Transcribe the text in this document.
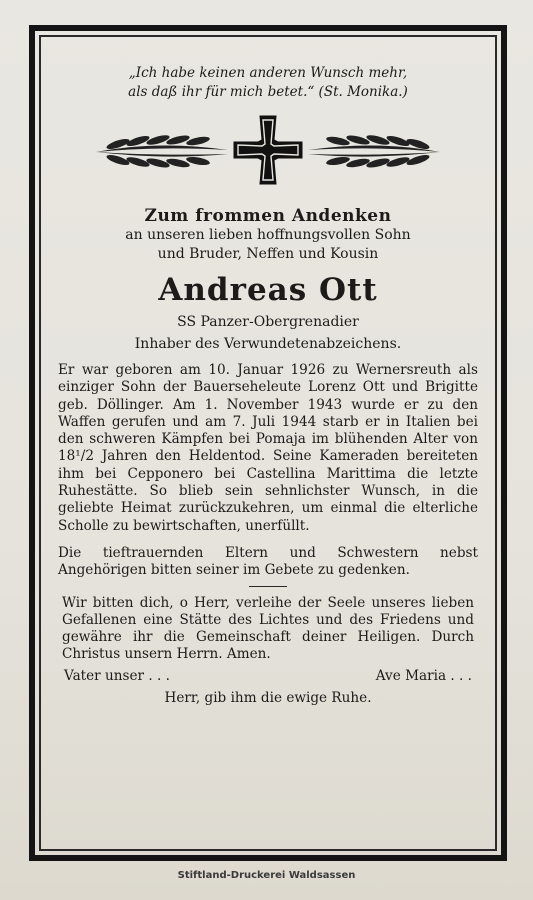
„Ich habe keinen anderen Wunsch mehr,
als daß ihr für mich betet.“ (St. Monika.)
Zum frommen Andenken
an unseren lieben hoffnungsvollen Sohn
und Bruder, Neffen und Kousin
Andreas Ott
SS Panzer-Obergrenadier
Inhaber des Verwundetenabzeichens.
Er war geboren am 10. Januar 1926 zu Wernersreuth als einziger Sohn der Bauerseheleute Lorenz Ott und Brigitte geb. Döllinger. Am 1. November 1943 wurde er zu den Waffen gerufen und am 7. Juli 1944 starb er in Italien bei den schweren Kämpfen bei Pomaja im blühenden Alter von 18¹/2 Jahren den Heldentod. Seine Kameraden bereiteten ihm bei Cepponero bei Castellina Marittima die letzte Ruhestätte. So blieb sein sehnlichster Wunsch, in die geliebte Heimat zurückzukehren, um einmal die elterliche Scholle zu bewirtschaften, unerfüllt.
Die tieftrauernden Eltern und Schwestern nebst Angehörigen bitten seiner im Gebete zu gedenken.
Wir bitten dich, o Herr, verleihe der Seele unseres lieben Gefallenen eine Stätte des Lichtes und des Friedens und gewähre ihr die Gemeinschaft deiner Heiligen. Durch Christus unsern Herrn. Amen.
Vater unser . . .	Ave Maria . . .
Herr, gib ihm die ewige Ruhe.
Stiftland-Druckerei Waldsassen
